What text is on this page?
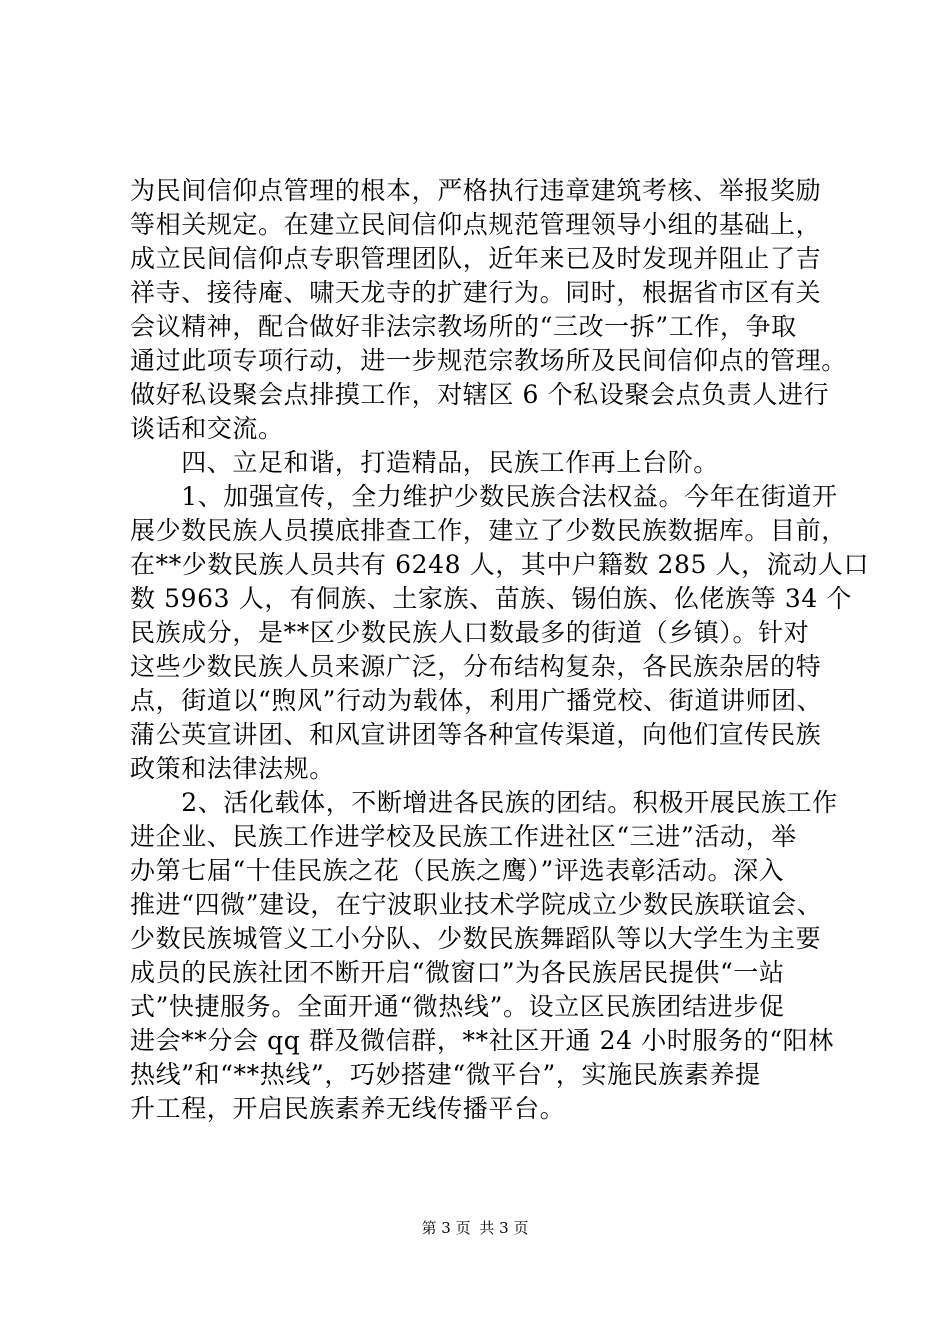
为民间信仰点管理的根本，严格执行违章建筑考核、举报奖励
等相关规定。在建立民间信仰点规范管理领导小组的基础上，
成立民间信仰点专职管理团队，近年来已及时发现并阻止了吉
祥寺、接待庵、啸天龙寺的扩建行为。同时，根据省市区有关
会议精神，配合做好非法宗教场所的“三改一拆”工作，争取
通过此项专项行动，进一步规范宗教场所及民间信仰点的管理。
做好私设聚会点排摸工作，对辖区 6 个私设聚会点负责人进行
谈话和交流。
　　四、立足和谐，打造精品，民族工作再上台阶。
　　1、加强宣传，全力维护少数民族合法权益。今年在街道开
展少数民族人员摸底排查工作，建立了少数民族数据库。目前，
在**少数民族人员共有 6248 人，其中户籍数 285 人，流动人口
数 5963 人，有侗族、土家族、苗族、锡伯族、仫佬族等 34 个
民族成分，是**区少数民族人口数最多的街道（乡镇）。针对
这些少数民族人员来源广泛，分布结构复杂，各民族杂居的特
点，街道以“煦风”行动为载体，利用广播党校、街道讲师团、
蒲公英宣讲团、和风宣讲团等各种宣传渠道，向他们宣传民族
政策和法律法规。
　　2、活化载体，不断增进各民族的团结。积极开展民族工作
进企业、民族工作进学校及民族工作进社区“三进”活动，举
办第七届“十佳民族之花（民族之鹰）”评选表彰活动。深入
推进“四微”建设，在宁波职业技术学院成立少数民族联谊会、
少数民族城管义工小分队、少数民族舞蹈队等以大学生为主要
成员的民族社团不断开启“微窗口”为各民族居民提供“一站
式”快捷服务。全面开通“微热线”。设立区民族团结进步促
进会**分会 qq 群及微信群，**社区开通 24 小时服务的“阳林
热线”和“**热线”，巧妙搭建“微平台”，实施民族素养提
升工程，开启民族素养无线传播平台。
第 3 页 共 3 页
